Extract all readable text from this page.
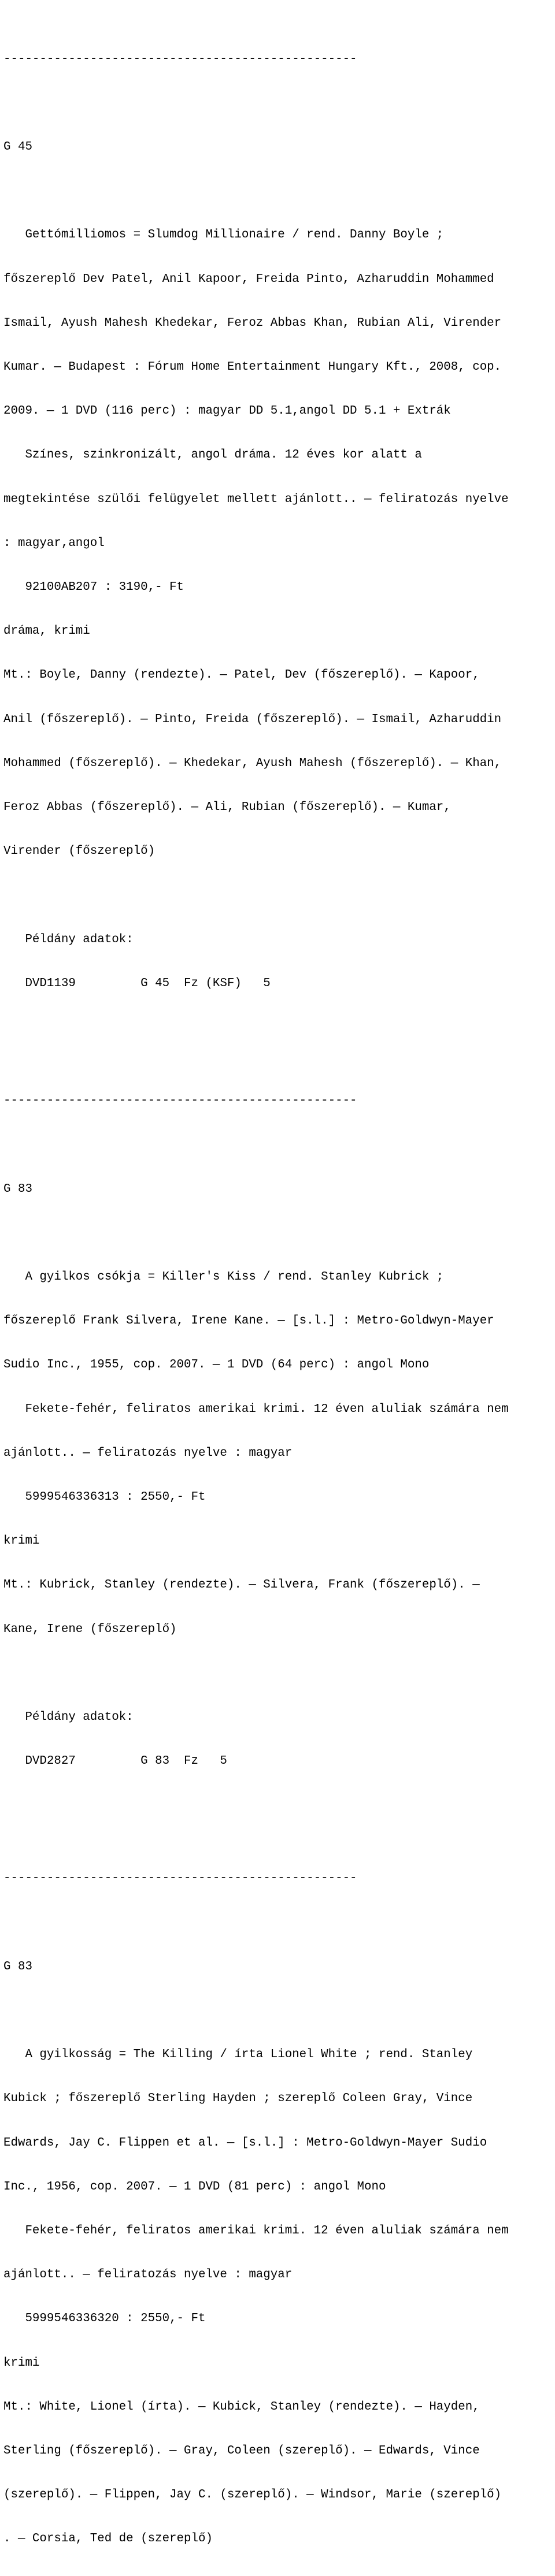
-------------------------------------------------

G 45

Gettómilliomos = Slumdog Millionaire / rend. Danny Boyle ;

főszereplő Dev Patel, Anil Kapoor, Freida Pinto, Azharuddin Mohammed

Ismail, Ayush Mahesh Khedekar, Feroz Abbas Khan, Rubian Ali, Virender

Kumar. — Budapest : Fórum Home Entertainment Hungary Kft., 2008, cop.

2009. — 1 DVD (116 perc) : magyar DD 5.1,angol DD 5.1 + Extrák

Színes, szinkronizált, angol dráma. 12 éves kor alatt a

megtekintése szülői felügyelet mellett ajánlott.. — feliratozás nyelve

: magyar,angol

92100AB207 : 3190,- Ft

dráma, krimi

Mt.: Boyle, Danny (rendezte). — Patel, Dev (főszereplő). — Kapoor,

Anil (főszereplő). — Pinto, Freida (főszereplő). — Ismail, Azharuddin

Mohammed (főszereplő). — Khedekar, Ayush Mahesh (főszereplő). — Khan,

Feroz Abbas (főszereplő). — Ali, Rubian (főszereplő). — Kumar,

Virender (főszereplő)

Példány adatok:

DVD1139         G 45  Fz (KSF)   5

-------------------------------------------------

G 83

A gyilkos csókja = Killer's Kiss / rend. Stanley Kubrick ;

főszereplő Frank Silvera, Irene Kane. — [s.l.] : Metro-Goldwyn-Mayer

Sudio Inc., 1955, cop. 2007. — 1 DVD (64 perc) : angol Mono

Fekete-fehér, feliratos amerikai krimi. 12 éven aluliak számára nem

ajánlott.. — feliratozás nyelve : magyar

5999546336313 : 2550,- Ft

krimi

Mt.: Kubrick, Stanley (rendezte). — Silvera, Frank (főszereplő). —

Kane, Irene (főszereplő)

Példány adatok:

DVD2827         G 83  Fz   5

-------------------------------------------------

G 83

A gyilkosság = The Killing / írta Lionel White ; rend. Stanley

Kubick ; főszereplő Sterling Hayden ; szereplő Coleen Gray, Vince

Edwards, Jay C. Flippen et al. — [s.l.] : Metro-Goldwyn-Mayer Sudio

Inc., 1956, cop. 2007. — 1 DVD (81 perc) : angol Mono

Fekete-fehér, feliratos amerikai krimi. 12 éven aluliak számára nem

ajánlott.. — feliratozás nyelve : magyar

5999546336320 : 2550,- Ft

krimi

Mt.: White, Lionel (írta). — Kubick, Stanley (rendezte). — Hayden,

Sterling (főszereplő). — Gray, Coleen (szereplő). — Edwards, Vince

(szereplő). — Flippen, Jay C. (szereplő). — Windsor, Marie (szereplő)

. — Corsia, Ted de (szereplő)
